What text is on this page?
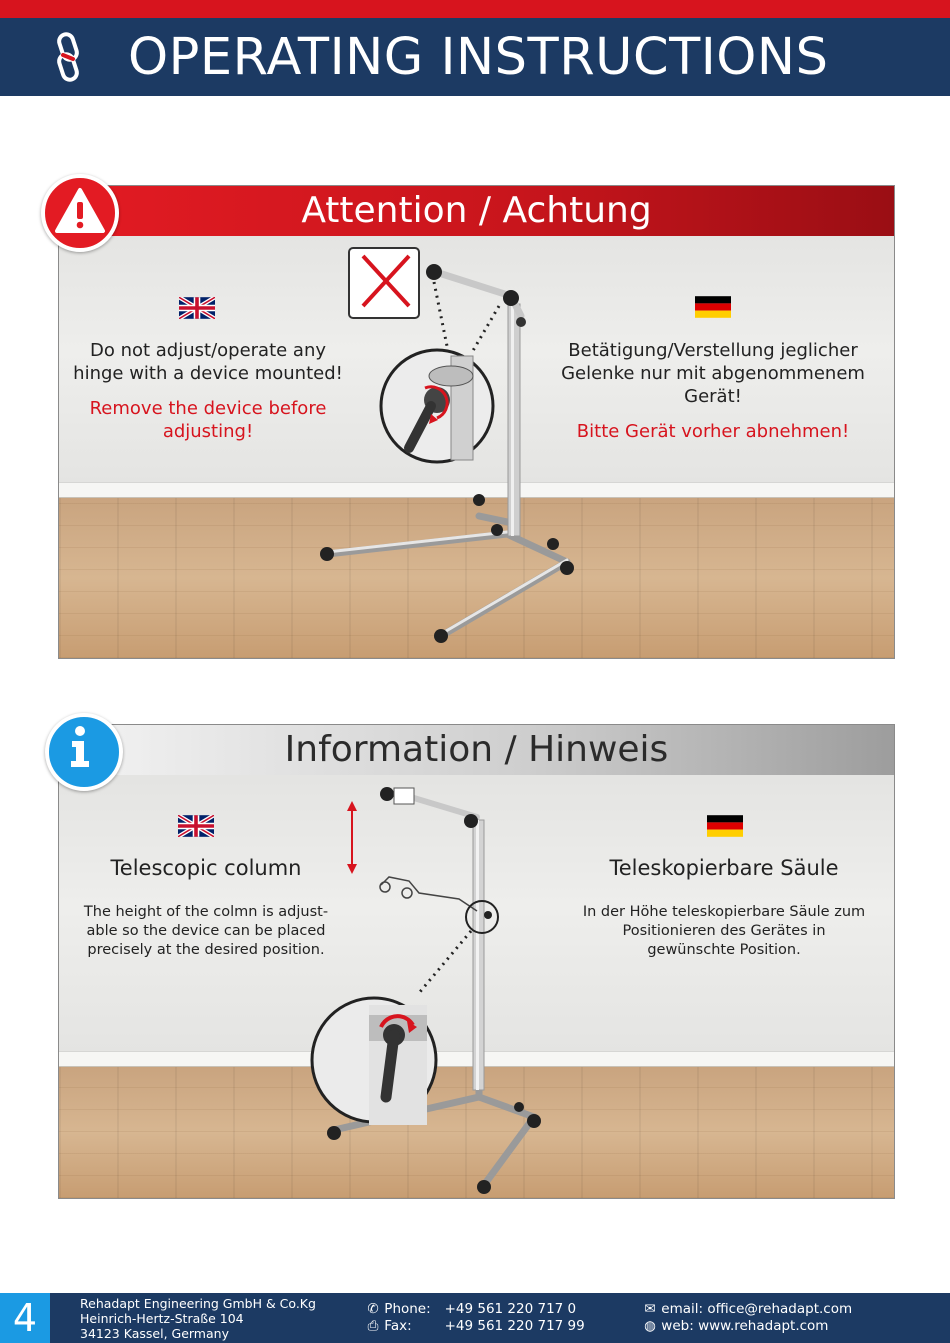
OPERATING INSTRUCTIONS
Attention / Achtung
Do not adjust/operate any
hinge with a device mounted!
Remove the device before
adjusting!
Betätigung/Verstellung jeglicher
Gelenke nur mit abgenommenem
Gerät!
Bitte Gerät vorher abnehmen!
Information / Hinweis
Telescopic column
The height of the colmn is adjust-
able so the device can be placed
precisely at the desired position.
Teleskopierbare Säule
In der Höhe teleskopierbare Säule zum
Positionieren des Gerätes in
gewünschte Position.
4	Rehadapt Engineering GmbH & Co.Kg
Heinrich-Hertz-Straße 104
34123 Kassel, Germany
✆ Phone: +49 561 220 717 0
⎙ Fax: +49 561 220 717 99
✉ email: office@rehadapt.com
◍ web: www.rehadapt.com
